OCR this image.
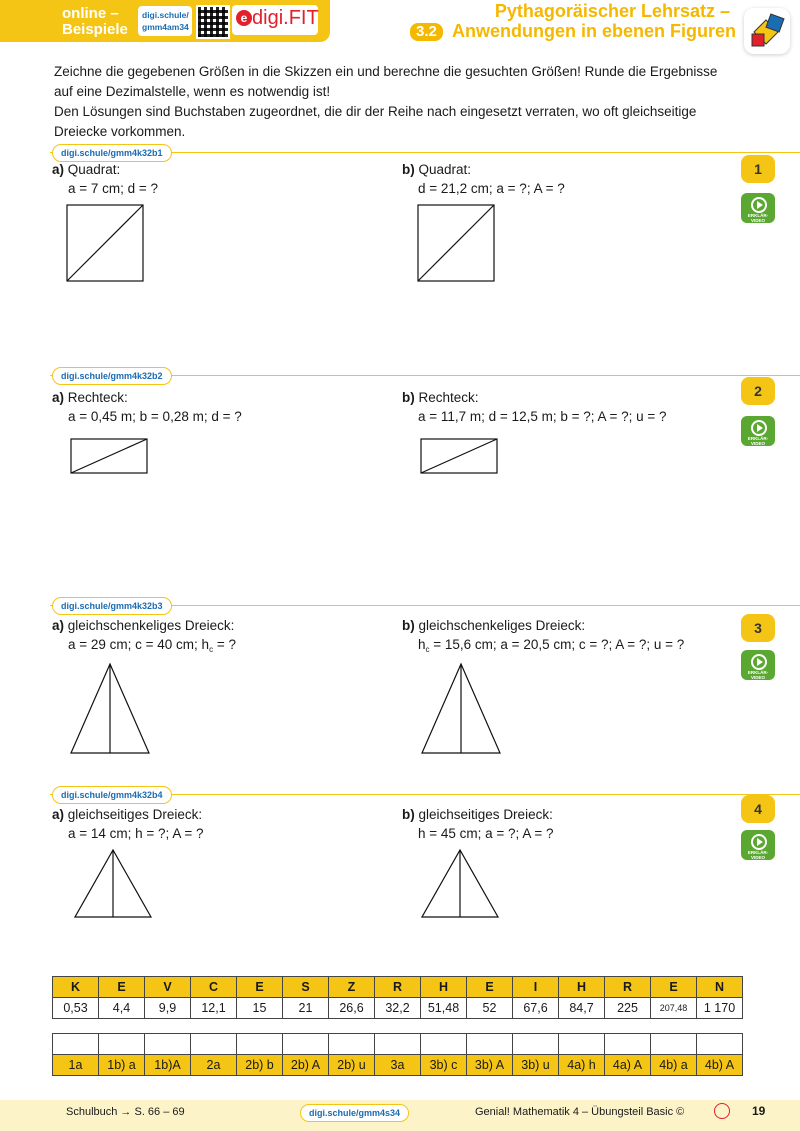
online –
Beispiele
digi.schule/
gmm4am34
e digi.FIT	Pythagoräischer Lehrsatz –
3.2 Anwendungen in ebenen Figuren

Zeichne die gegebenen Größen in die Skizzen ein und berechne die gesuchten Größen! Runde die Ergebnisse

auf eine Dezimalstelle, wenn es notwendig ist!

Den Lösungen sind Buchstaben zugeordnet, die dir der Reihe nach eingesetzt verraten, wo oft gleichseitige

Dreiecke vorkommen.

digi.schule/gmm4k32b1
1
ERKLÄR-VIDEO
a) Quadrat:
a = 7 cm; d = ?
b) Quadrat:
d = 21,2 cm; a = ?; A = ?
digi.schule/gmm4k32b2
2
ERKLÄR-VIDEO
a) Rechteck:
a = 0,45 m; b = 0,28 m; d = ?
b) Rechteck:
a = 11,7 m; d = 12,5 m; b = ?; A = ?; u = ?
digi.schule/gmm4k32b3
3
ERKLÄR-VIDEO
a) gleichschenkeliges Dreieck:
a = 29 cm; c = 40 cm; $h_c$ = ?
b) gleichschenkeliges Dreieck:
$h_c = 15,6$ cm; a = 20,5 cm; c = ?; A = ?; u = ?
digi.schule/gmm4k32b4
4
ERKLÄR-VIDEO
a) gleichseitiges Dreieck:
a = 14 cm; h = ?; A = ?
b) gleichseitiges Dreieck:
h = 45 cm; a = ?; A = ?
K	E	V	C	E	S	Z	R	H	E	I	H	R	E	N
0,53	4,4	9,9	12,1	15	21	26,6	32,2	51,48	52	67,6	84,7	225	207,48	1 170

1a	1b) a	1b)A	2a	2b) b	2b) A	2b) u	3a	3b) c	3b) A	3b) u	4a) h	4a) A	4b) a	4b) A
Schulbuch → S. 66 – 69	digi.schule/gmm4s34	Genial! Mathematik 4 – Übungsteil Basic ©	19
